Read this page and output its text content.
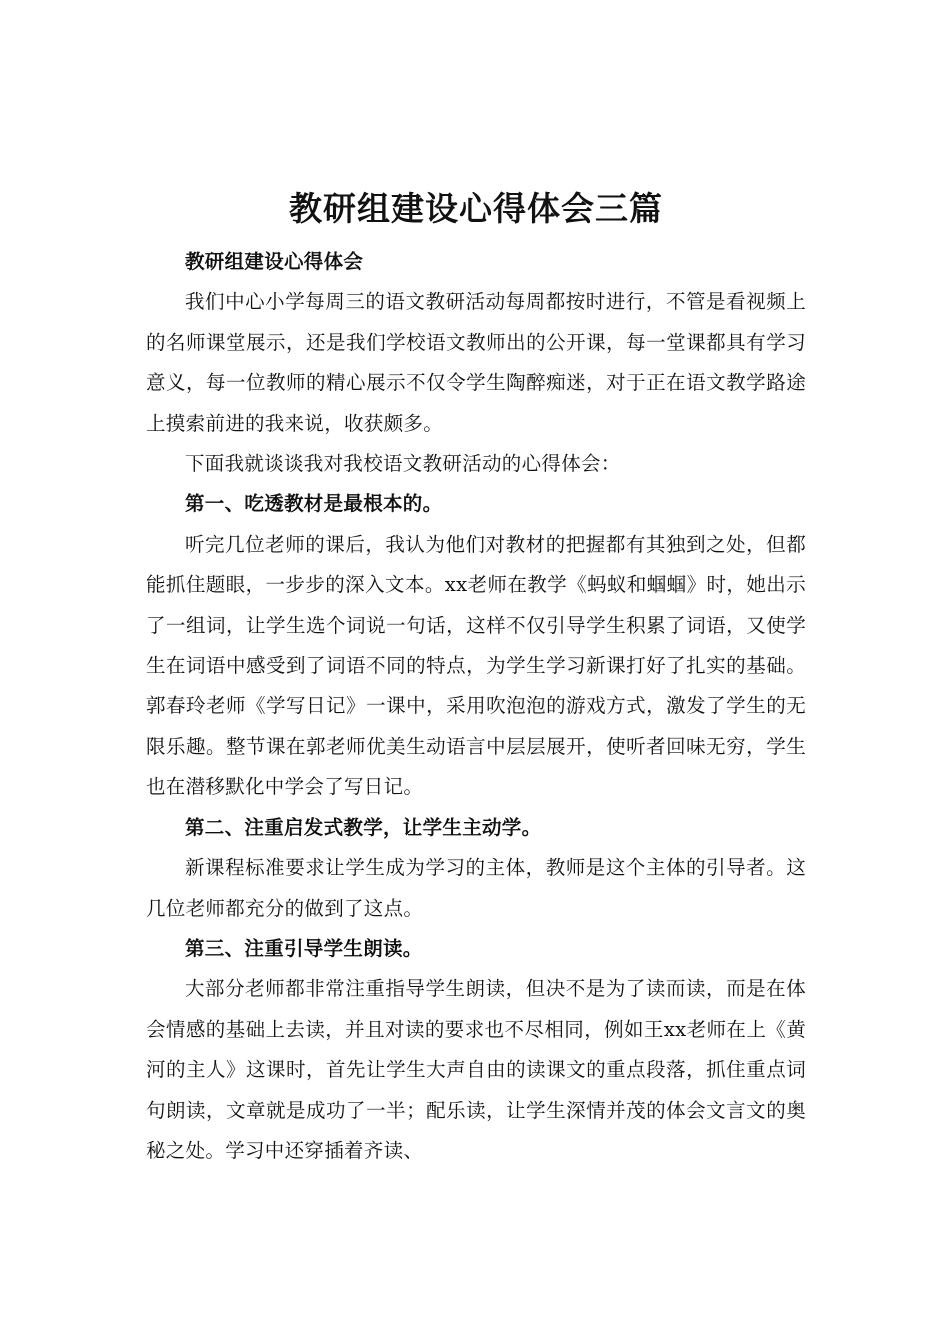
教研组建设心得体会三篇

教研组建设心得体会

我们中心小学每周三的语文教研活动每周都按时进行，不管是看视频上的名师课堂展示，还是我们学校语文教师出的公开课，每一堂课都具有学习意义，每一位教师的精心展示不仅令学生陶醉痴迷，对于正在语文教学路途上摸索前进的我来说，收获颇多。

下面我就谈谈我对我校语文教研活动的心得体会：

第一、吃透教材是最根本的。

听完几位老师的课后，我认为他们对教材的把握都有其独到之处，但都能抓住题眼，一步步的深入文本。xx老师在教学《蚂蚁和蝈蝈》时，她出示了一组词，让学生选个词说一句话，这样不仅引导学生积累了词语，又使学生在词语中感受到了词语不同的特点，为学生学习新课打好了扎实的基础。郭春玲老师《学写日记》一课中，采用吹泡泡的游戏方式，激发了学生的无限乐趣。整节课在郭老师优美生动语言中层层展开，使听者回味无穷，学生也在潜移默化中学会了写日记。

第二、注重启发式教学，让学生主动学。

新课程标准要求让学生成为学习的主体，教师是这个主体的引导者。这几位老师都充分的做到了这点。

第三、注重引导学生朗读。

大部分老师都非常注重指导学生朗读，但决不是为了读而读，而是在体会情感的基础上去读，并且对读的要求也不尽相同，例如王xx老师在上《黄河的主人》这课时，首先让学生大声自由的读课文的重点段落，抓住重点词句朗读，文章就是成功了一半；配乐读，让学生深情并茂的体会文言文的奥秘之处。学习中还穿插着齐读、
